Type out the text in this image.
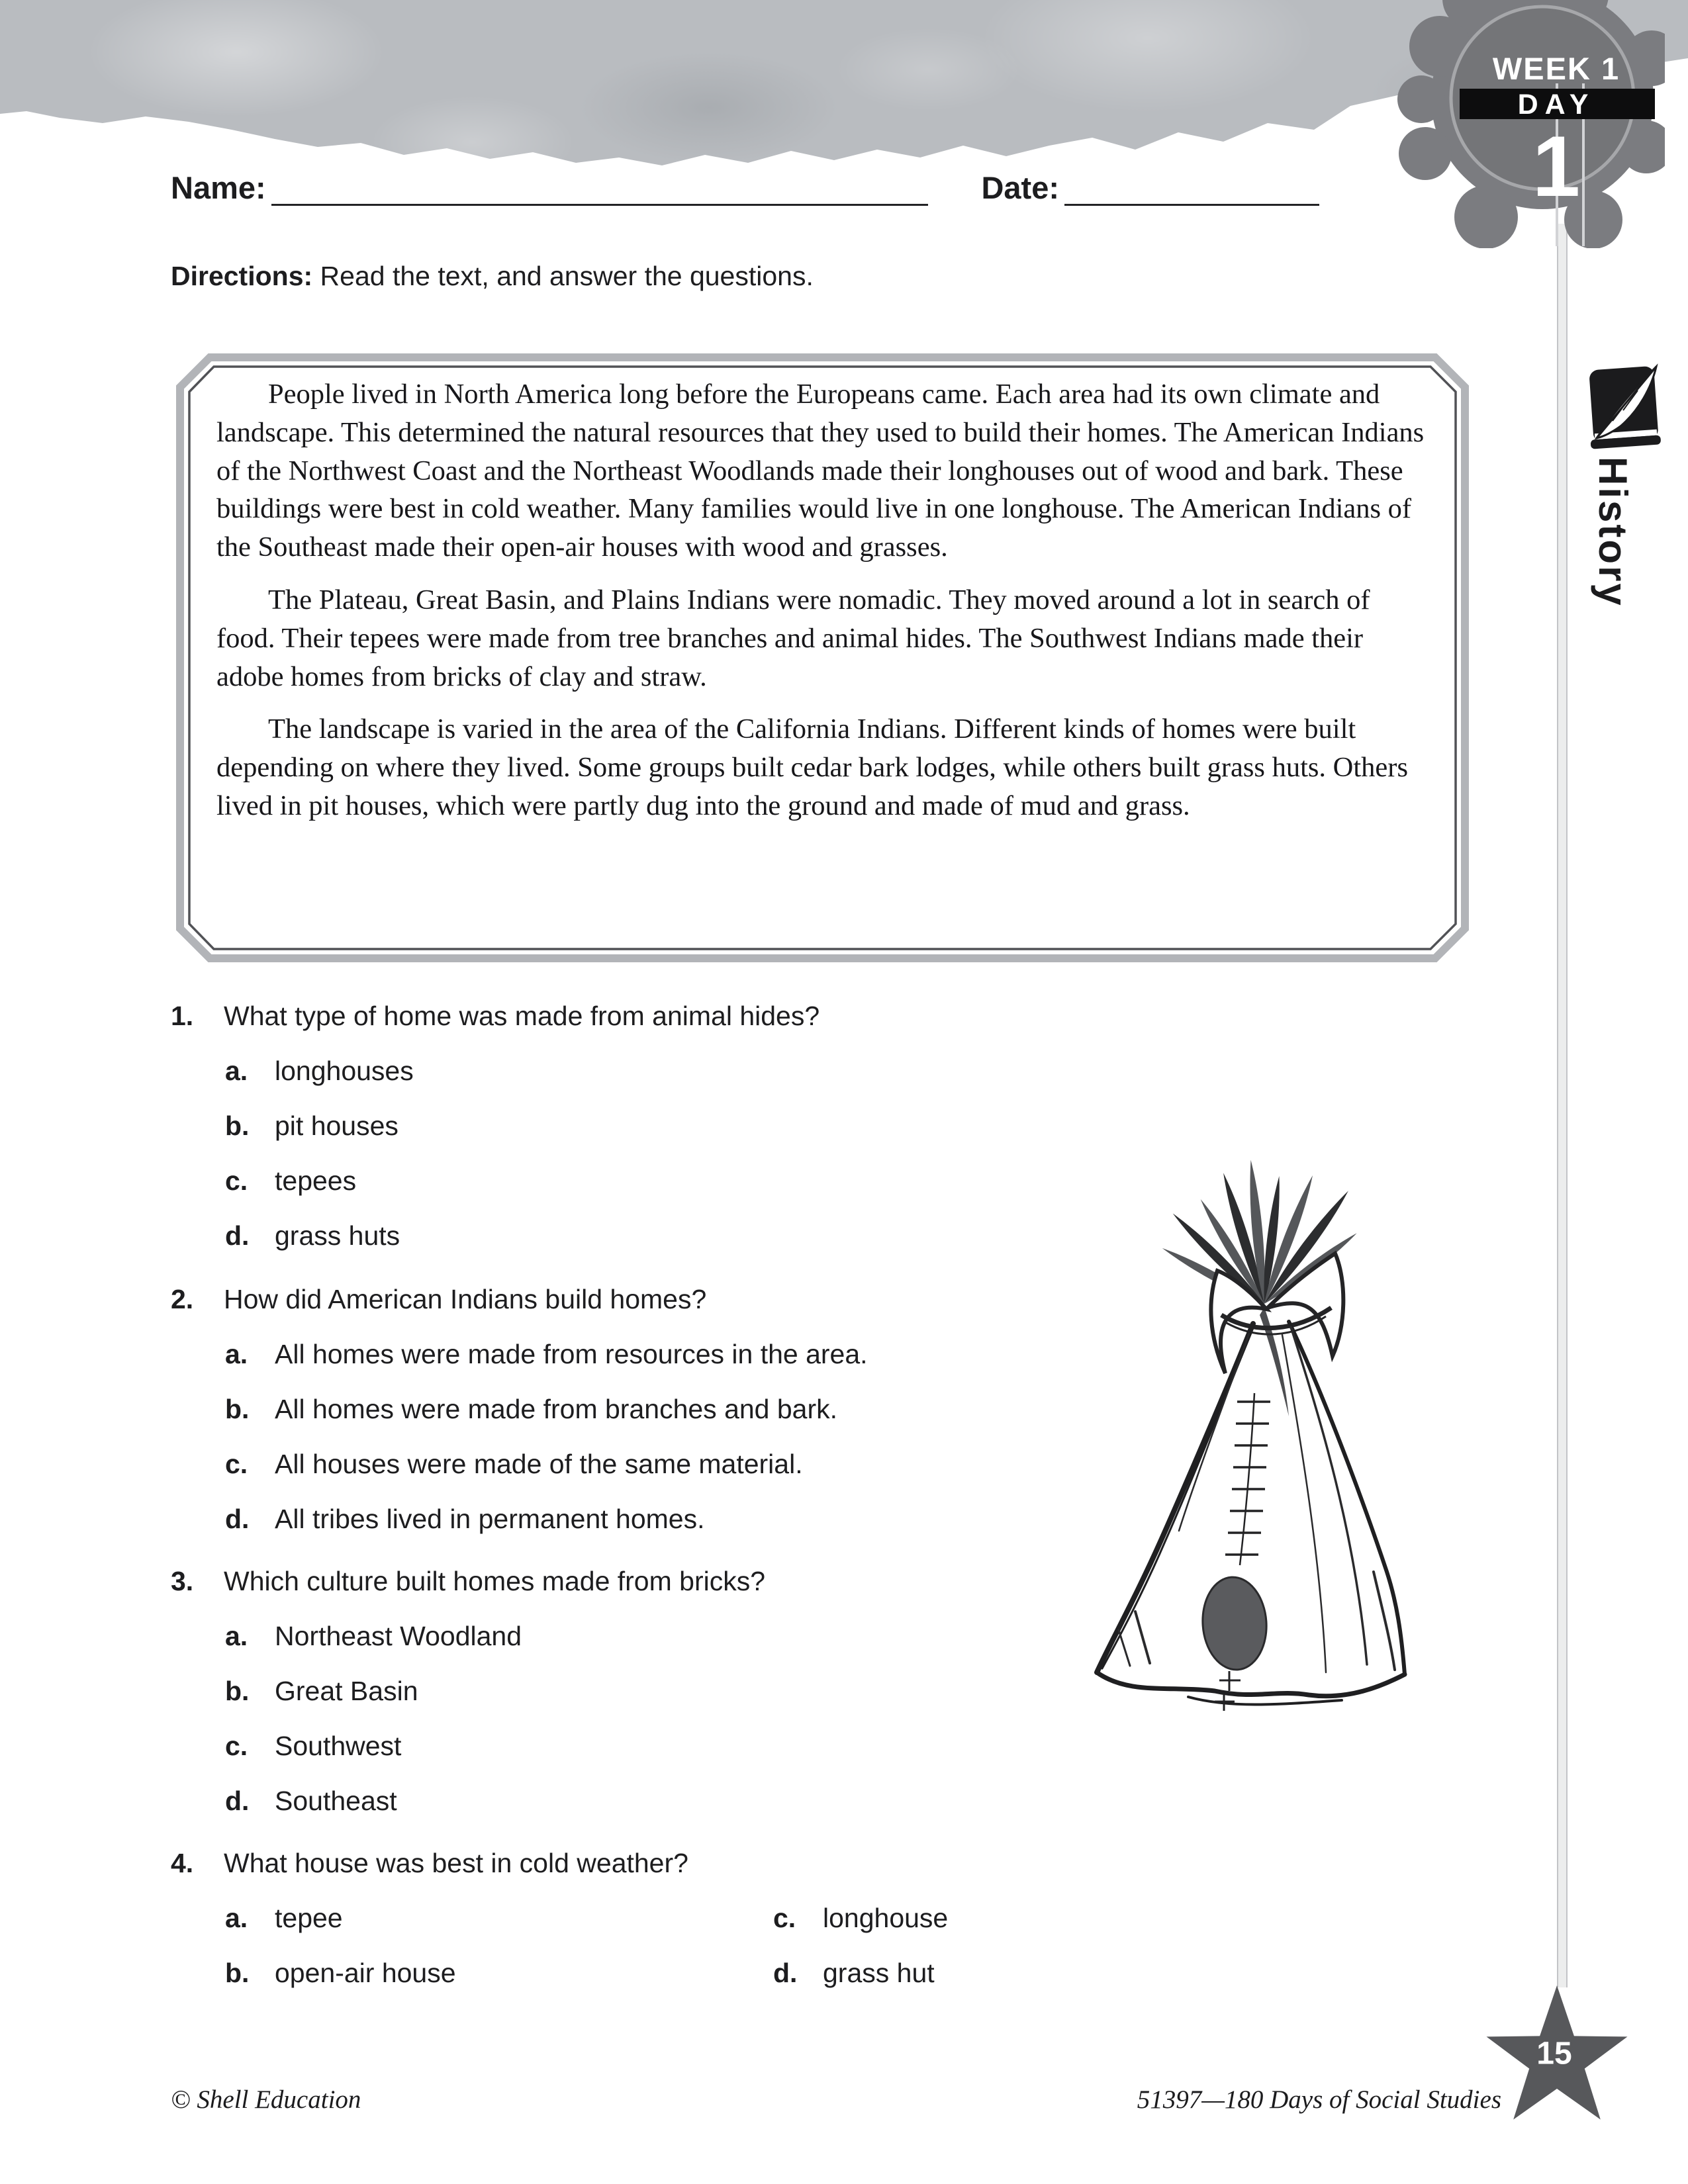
WEEK 1
DAY
1
History
Name:	Date:
Directions: Read the text, and answer the questions.

People lived in North America long before the Europeans came. Each area had its own climate and landscape. This determined the natural resources that they used to build their homes. The American Indians of the Northwest Coast and the Northeast Woodlands made their longhouses out of wood and bark. These buildings were best in cold weather. Many families would live in one longhouse. The American Indians of the Southeast made their open-air houses with wood and grasses.

The Plateau, Great Basin, and Plains Indians were nomadic. They moved around a lot in search of food. Their tepees were made from tree branches and animal hides. The Southwest Indians made their adobe homes from bricks of clay and straw.

The landscape is varied in the area of the California Indians. Different kinds of homes were built depending on where they lived. Some groups built cedar bark lodges, while others built grass huts. Others lived in pit houses, which were partly dug into the ground and made of mud and grass.

1.	What type of home was made from animal hides?
a. longhouses
b. pit houses
c. tepees
d. grass huts
2.	How did American Indians build homes?
a. All homes were made from resources in the area.
b. All homes were made from branches and bark.
c. All houses were made of the same material.
d. All tribes lived in permanent homes.
3.	Which culture built homes made from bricks?
a. Northeast Woodland
b. Great Basin
c. Southwest
d. Southeast
4.	What house was best in cold weather?
a. tepee	c. longhouse
b. open-air house	d. grass hut
© Shell Education	51397—180 Days of Social Studies
15
